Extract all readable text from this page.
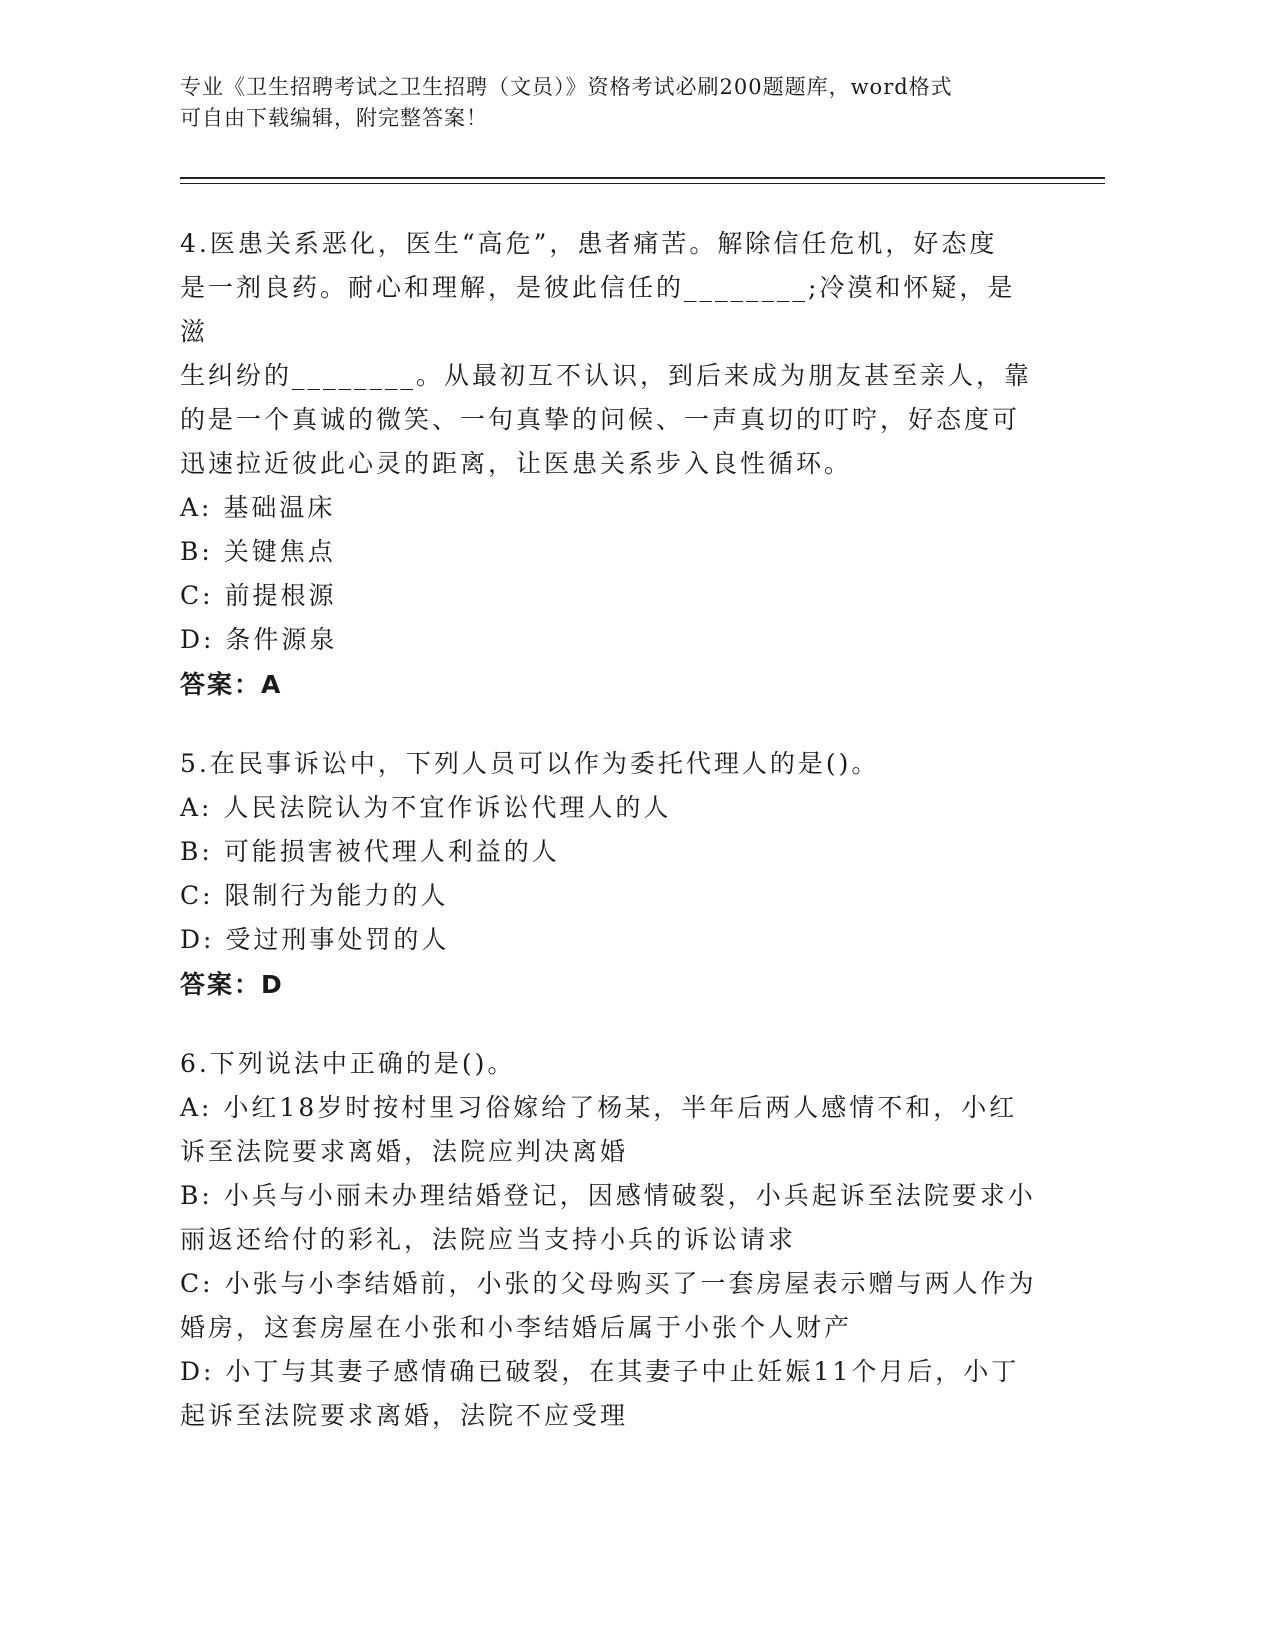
专业《卫生招聘考试之卫生招聘（文员）》资格考试必刷200题题库，word格式
可自由下载编辑，附完整答案！
4.医患关系恶化，医生“高危”，患者痛苦。解除信任危机，好态度
是一剂良药。耐心和理解，是彼此信任的________;冷漠和怀疑，是滋
生纠纷的________。从最初互不认识，到后来成为朋友甚至亲人，靠
的是一个真诚的微笑、一句真挚的问候、一声真切的叮咛，好态度可
迅速拉近彼此心灵的距离，让医患关系步入良性循环。
A: 基础温床
B: 关键焦点
C: 前提根源
D: 条件源泉
答案：A
5.在民事诉讼中，下列人员可以作为委托代理人的是()。
A: 人民法院认为不宜作诉讼代理人的人
B: 可能损害被代理人利益的人
C: 限制行为能力的人
D: 受过刑事处罚的人
答案：D
6.下列说法中正确的是()。
A: 小红18岁时按村里习俗嫁给了杨某，半年后两人感情不和，小红
诉至法院要求离婚，法院应判决离婚
B: 小兵与小丽未办理结婚登记，因感情破裂，小兵起诉至法院要求小
丽返还给付的彩礼，法院应当支持小兵的诉讼请求
C: 小张与小李结婚前，小张的父母购买了一套房屋表示赠与两人作为
婚房，这套房屋在小张和小李结婚后属于小张个人财产
D: 小丁与其妻子感情确已破裂，在其妻子中止妊娠11个月后，小丁
起诉至法院要求离婚，法院不应受理
